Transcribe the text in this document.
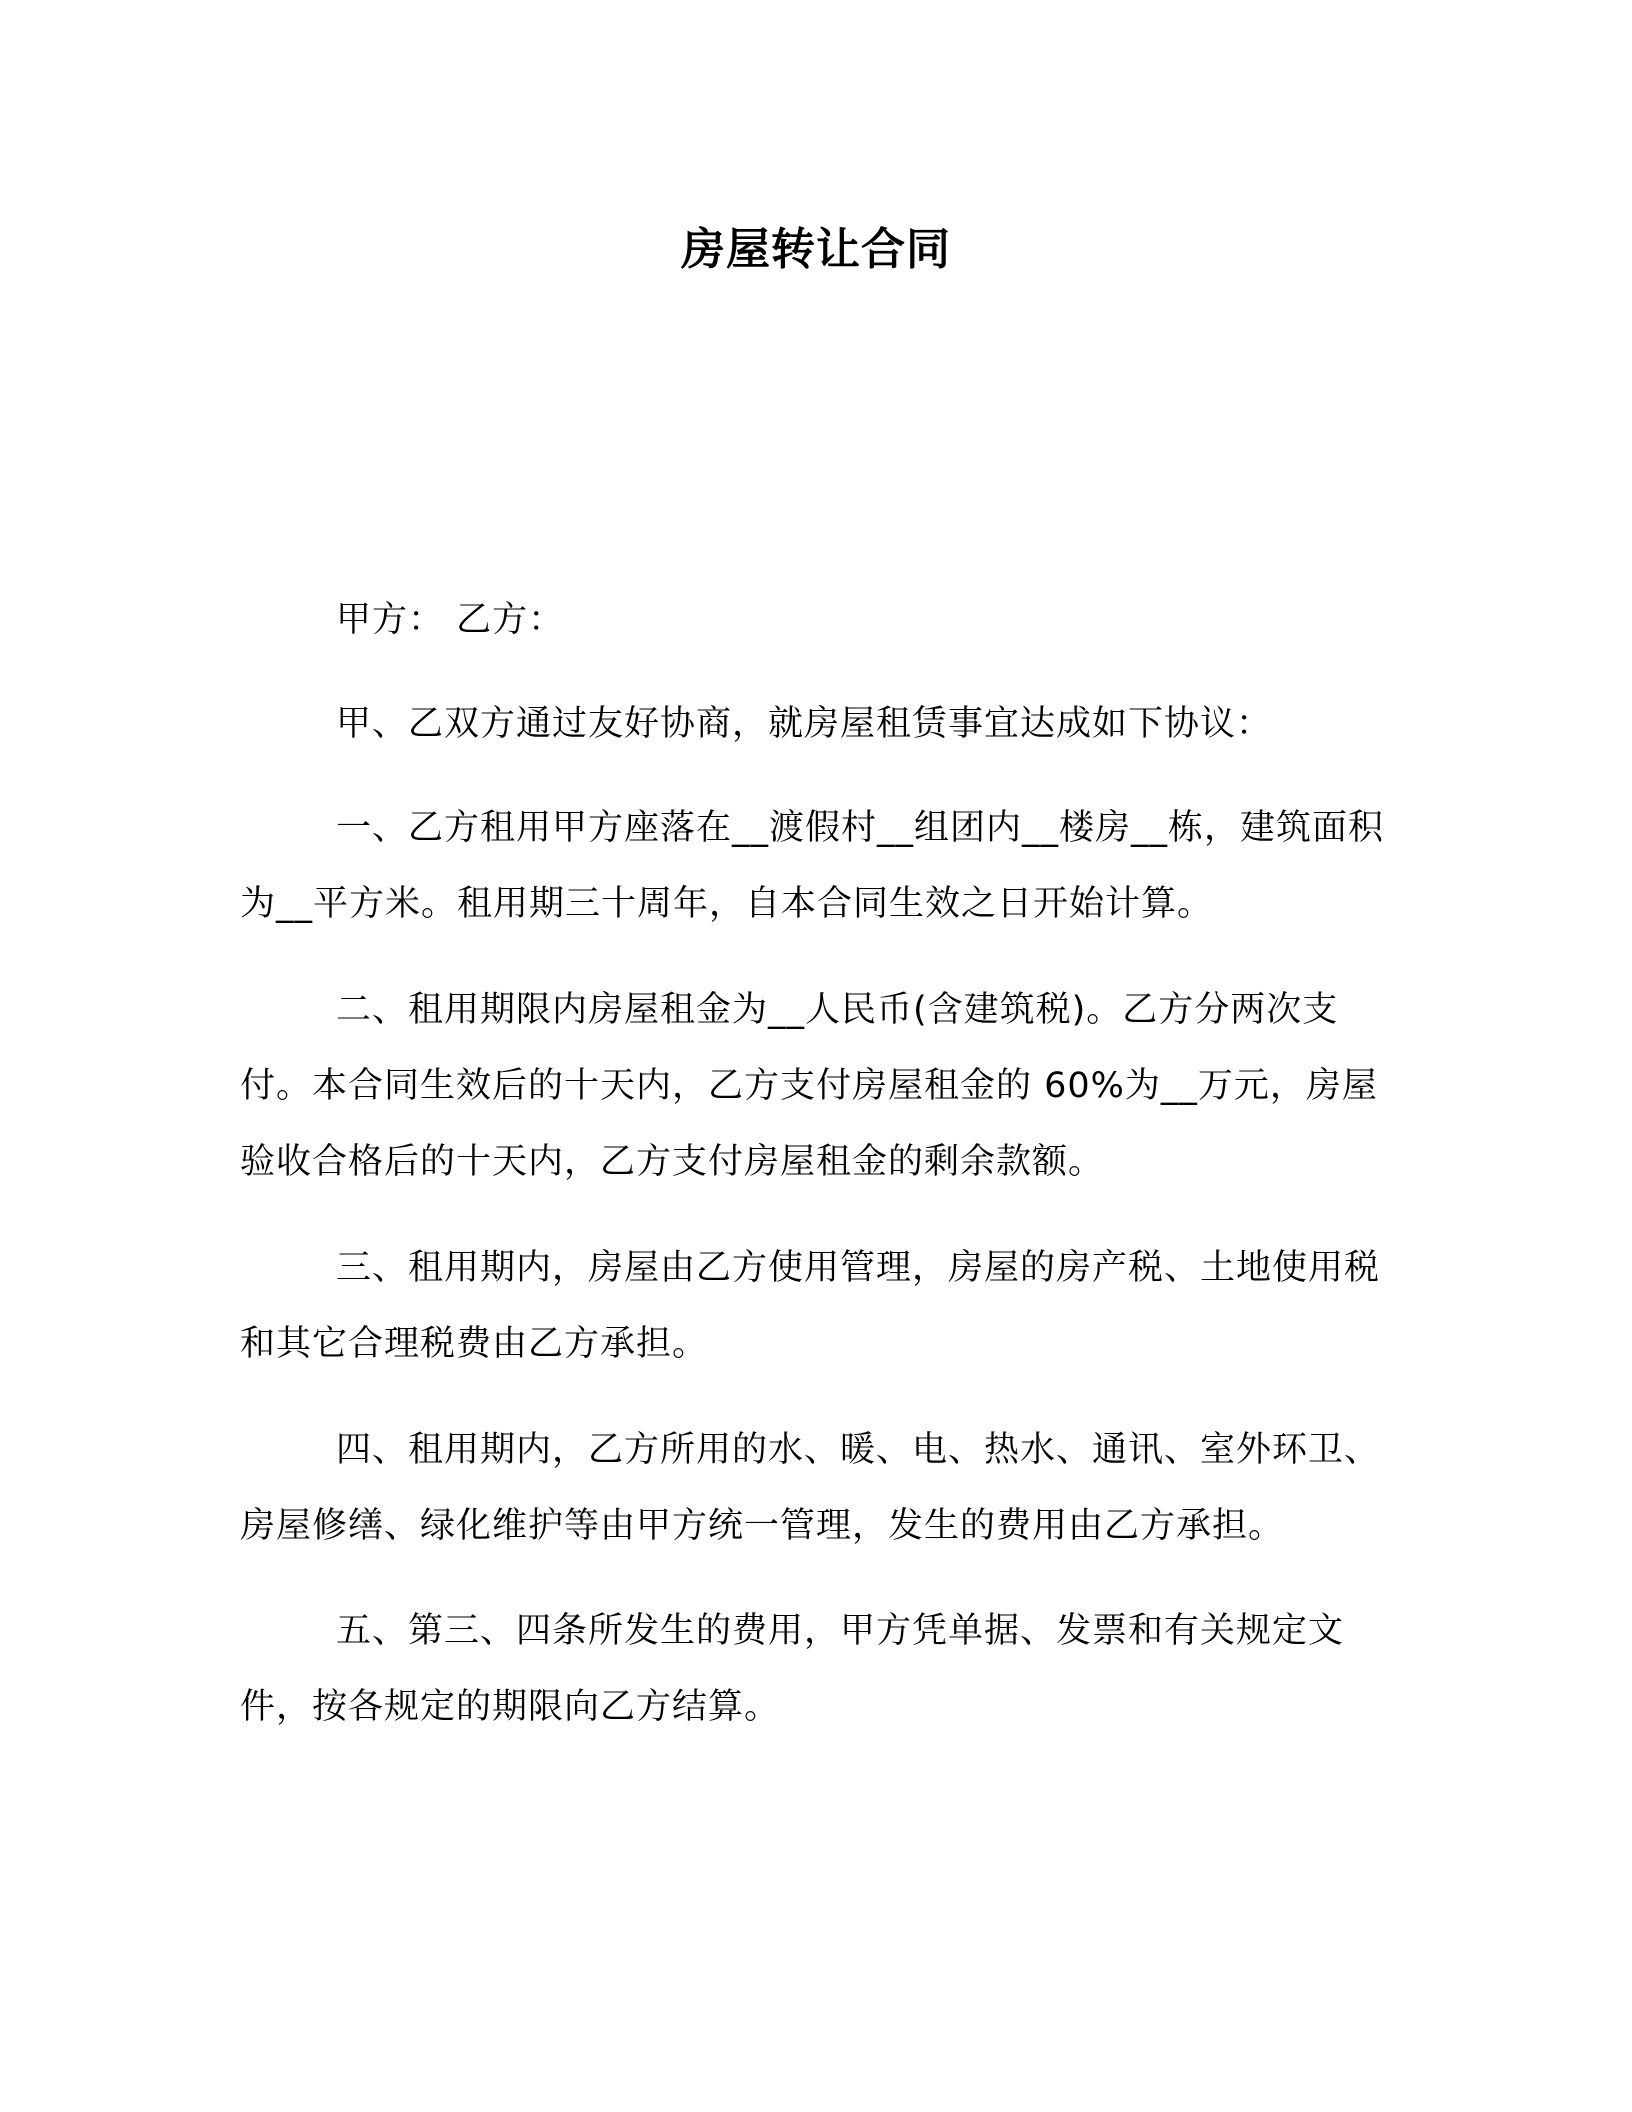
房屋转让合同

甲方： 乙方：

甲、乙双方通过友好协商，就房屋租赁事宜达成如下协议：

一、乙方租用甲方座落在__渡假村__组团内__楼房__栋，建筑面积为__平方米。租用期三十周年，自本合同生效之日开始计算。

二、租用期限内房屋租金为__人民币(含建筑税)。乙方分两次支付。本合同生效后的十天内，乙方支付房屋租金的 60%为__万元，房屋验收合格后的十天内，乙方支付房屋租金的剩余款额。

三、租用期内，房屋由乙方使用管理，房屋的房产税、土地使用税和其它合理税费由乙方承担。

四、租用期内，乙方所用的水、暖、电、热水、通讯、室外环卫、房屋修缮、绿化维护等由甲方统一管理，发生的费用由乙方承担。

五、第三、四条所发生的费用，甲方凭单据、发票和有关规定文件，按各规定的期限向乙方结算。
